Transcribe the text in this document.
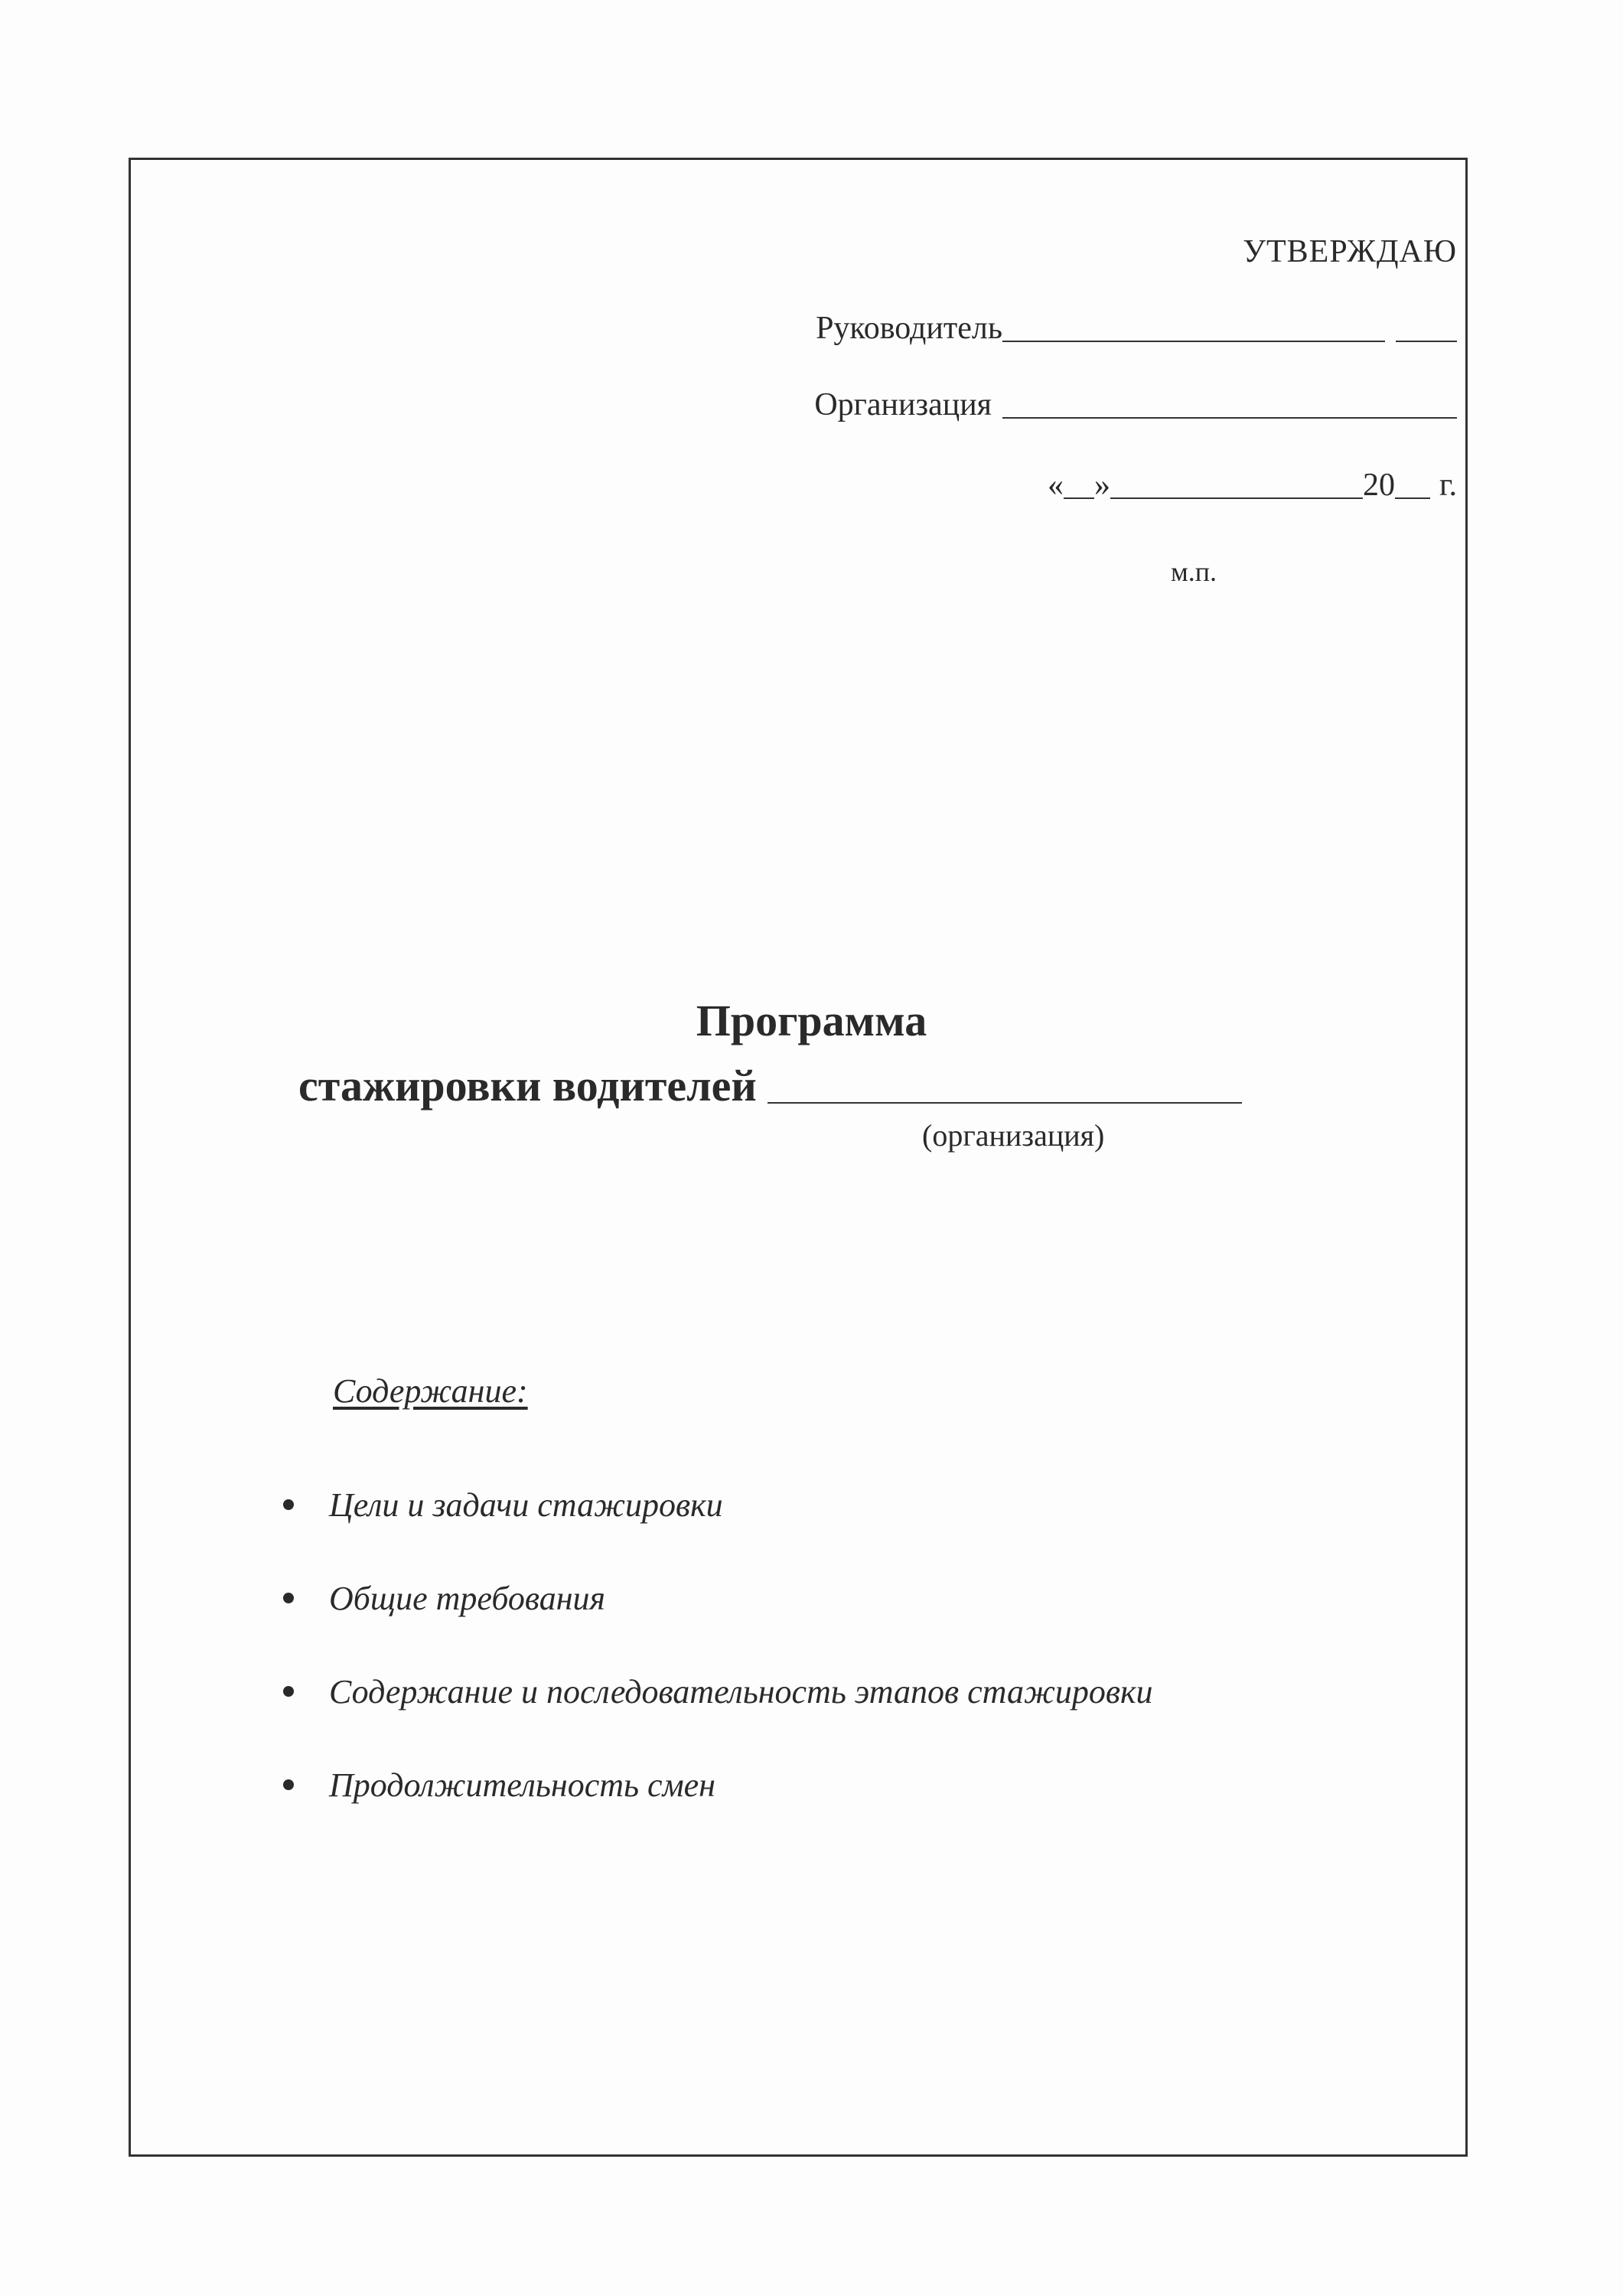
УТВЕРЖДАЮ
Руководитель
Организация
« »	20 г.
м.п.
Программа
стажировки водителей
(организация)
Содержание:
Цели и задачи стажировки
Общие требования
Содержание и последовательность этапов стажировки
Продолжительность смен
